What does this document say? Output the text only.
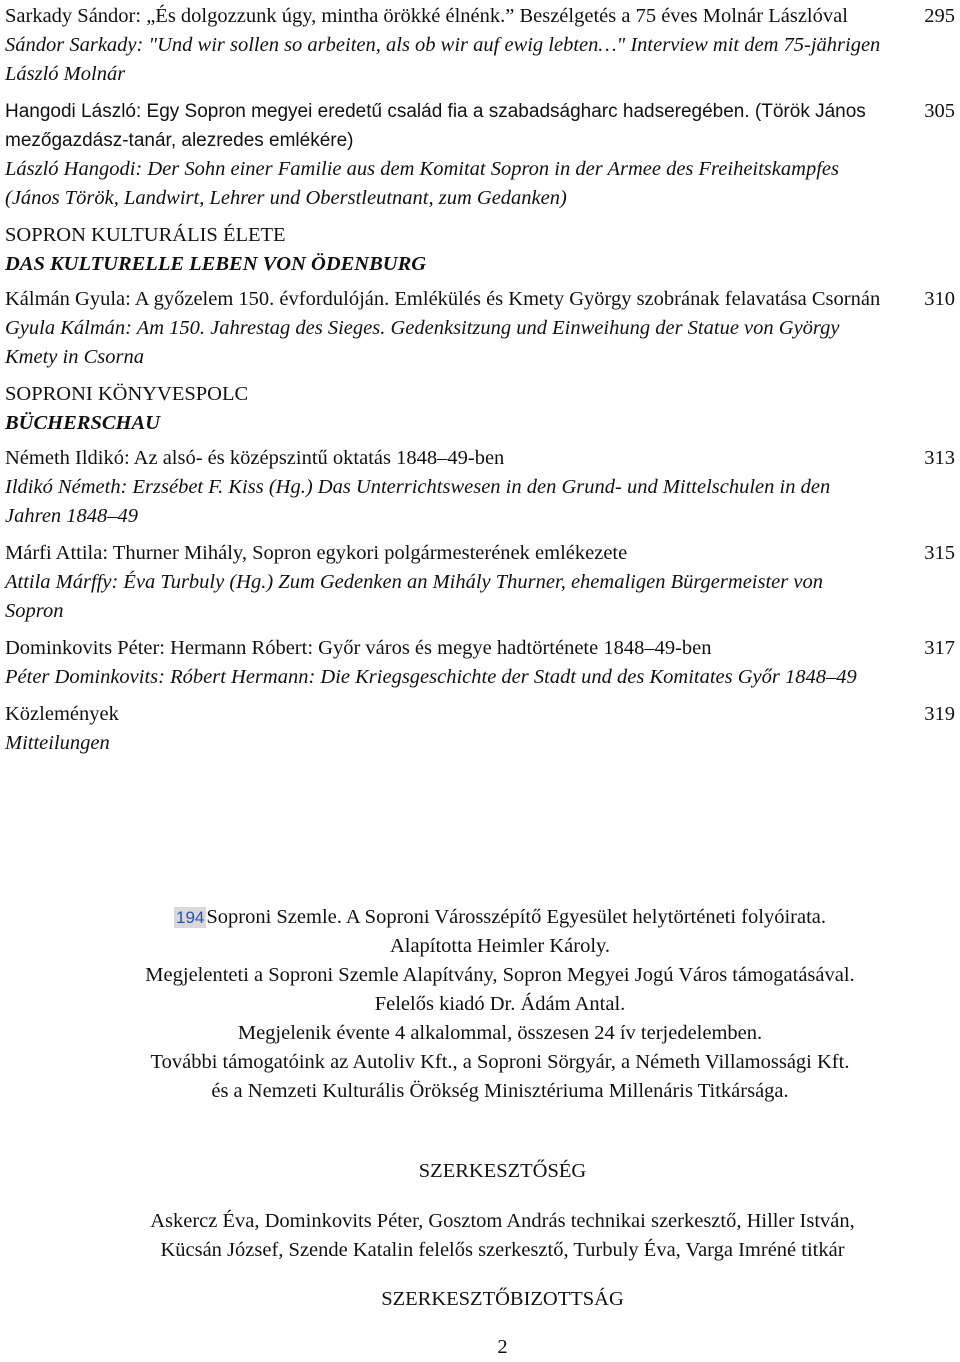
Sarkady Sándor: „És dolgozzunk úgy, mintha örökké élnénk.” Beszélgetés a 75 éves Molnár Lászlóval

Sándor Sarkady: "Und wir sollen so arbeiten, als ob wir auf ewig lebten…" Interview mit dem 75-jährigen László Molnár

295

Hangodi László: Egy Sopron megyei eredetű család fia a szabadságharc hadseregében. (Török János mezőgazdász-tanár, alezredes emlékére)

László Hangodi: Der Sohn einer Familie aus dem Komitat Sopron in der Armee des Freiheitskampfes (János Török, Landwirt, Lehrer und Oberstleutnant, zum Gedanken)

305

SOPRON KULTURÁLIS ÉLETE

DAS KULTURELLE LEBEN VON ÖDENBURG

Kálmán Gyula: A győzelem 150. évfordulóján. Emlékülés és Kmety György szobrának felavatása Csornán

Gyula Kálmán: Am 150. Jahrestag des Sieges. Gedenksitzung und Einweihung der Statue von György Kmety in Csorna

310

SOPRONI KÖNYVESPOLC

BÜCHERSCHAU

Németh Ildikó: Az alsó- és középszintű oktatás 1848–49-ben

Ildikó Németh: Erzsébet F. Kiss (Hg.) Das Unterrichtswesen in den Grund- und Mittelschulen in den Jahren 1848–49

313

Márfi Attila: Thurner Mihály, Sopron egykori polgármesterének emlékezete

Attila Márffy: Éva Turbuly (Hg.) Zum Gedenken an Mihály Thurner, ehemaligen Bürgermeister von Sopron

315

Dominkovits Péter: Hermann Róbert: Győr város és megye hadtörténete 1848–49-ben

Péter Dominkovits: Róbert Hermann: Die Kriegsgeschichte der Stadt und des Komitates Győr 1848–49

317

Közlemények

Mitteilungen

319

194Soproni Szemle. A Soproni Városszépítő Egyesület helytörténeti folyóirata.

Alapította Heimler Károly.

Megjelenteti a Soproni Szemle Alapítvány, Sopron Megyei Jogú Város támogatásával.

Felelős kiadó Dr. Ádám Antal.

Megjelenik évente 4 alkalommal, összesen 24 ív terjedelemben.

További támogatóink az Autoliv Kft., a Soproni Sörgyár, a Németh Villamossági Kft.

és a Nemzeti Kulturális Örökség Minisztériuma Millenáris Titkársága.

SZERKESZTŐSÉG

Askercz Éva, Dominkovits Péter, Gosztom András technikai szerkesztő, Hiller István,

Kücsán József, Szende Katalin felelős szerkesztő, Turbuly Éva, Varga Imréné titkár

SZERKESZTŐBIZOTTSÁG

2
